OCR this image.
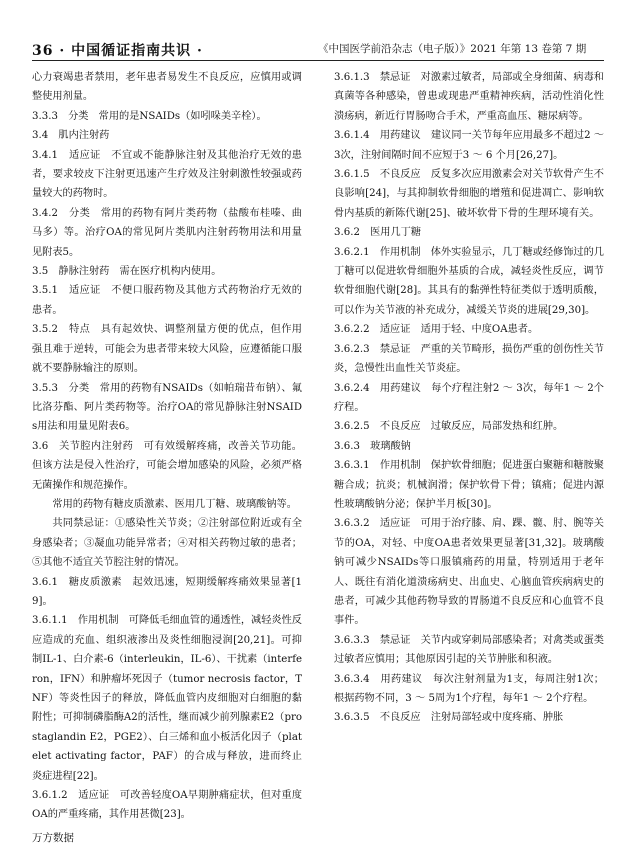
36 · 中国循证指南共识 ·	《中国医学前沿杂志（电子版）》2021 年第 13 卷第 7 期

心力衰竭患者禁用，老年患者易发生不良反应，应慎用或调整使用剂量。

3.3.3　分类　常用的是NSAIDs（如吲哚美辛栓）。

3.4　肌内注射药

3.4.1　适应证　不宜或不能静脉注射及其他治疗无效的患者，要求较皮下注射更迅速产生疗效及注射刺激性较强或药量较大的药物时。

3.4.2　分类　常用的药物有阿片类药物（盐酸布桂嗪、曲马多）等。治疗OA的常见阿片类肌内注射药物用法和用量见附表5。

3.5　静脉注射药　需在医疗机构内使用。

3.5.1　适应证　不便口服药物及其他方式药物治疗无效的患者。

3.5.2　特点　具有起效快、调整剂量方便的优点，但作用强且难于逆转，可能会为患者带来较大风险，应遵循能口服就不要静脉输注的原则。

3.5.3　分类　常用的药物有NSAIDs（如帕瑞昔布钠）、氟比洛芬酯、阿片类药物等。治疗OA的常见静脉注射NSAIDs用法和用量见附表6。

3.6　关节腔内注射药　可有效缓解疼痛，改善关节功能。但该方法是侵入性治疗，可能会增加感染的风险，必须严格无菌操作和规范操作。

常用的药物有糖皮质激素、医用几丁糖、玻璃酸钠等。

共同禁忌证：①感染性关节炎；②注射部位附近或有全身感染者；③凝血功能异常者；④对相关药物过敏的患者；⑤其他不适宜关节腔注射的情况。

3.6.1　糖皮质激素　起效迅速，短期缓解疼痛效果显著[19]。

3.6.1.1　作用机制　可降低毛细血管的通透性，减轻炎性反应造成的充血、组织液渗出及炎性细胞浸润[20,21]。可抑制IL-1、白介素-6（interleukin，IL-6）、干扰素（interferon，IFN）和肿瘤坏死因子（tumor necrosis factor，TNF）等炎性因子的释放，降低血管内皮细胞对白细胞的黏附性；可抑制磷脂酶A2的活性，继而减少前列腺素E2（prostaglandin E2，PGE2）、白三烯和血小板活化因子（platelet activating factor，PAF）的合成与释放，进而终止炎症进程[22]。

3.6.1.2　适应证　可改善轻度OA早期肿痛症状，但对重度OA的严重疼痛，其作用甚微[23]。

3.6.1.3　禁忌证　对激素过敏者，局部或全身细菌、病毒和真菌等各种感染，曾患或现患严重精神疾病，活动性消化性溃疡病，新近行胃肠吻合手术，严重高血压、糖尿病等。

3.6.1.4　用药建议　建议同一关节每年应用最多不超过2 ～ 3次，注射间隔时间不应短于3 ～ 6 个月[26,27]。

3.6.1.5　不良反应　反复多次应用激素会对关节软骨产生不良影响[24]，与其抑制软骨细胞的增殖和促进凋亡、影响软骨内基质的新陈代谢[25]、破坏软骨下骨的生理环境有关。

3.6.2　医用几丁糖

3.6.2.1　作用机制　体外实验显示，几丁糖或经修饰过的几丁糖可以促进软骨细胞外基质的合成，减轻炎性反应，调节软骨细胞代谢[28]。其具有的黏弹性特征类似于透明质酸，可以作为关节液的补充成分，减缓关节炎的进展[29,30]。

3.6.2.2　适应证　适用于轻、中度OA患者。

3.6.2.3　禁忌证　严重的关节畸形，损伤严重的创伤性关节炎，急慢性出血性关节炎症。

3.6.2.4　用药建议　每个疗程注射2 ～ 3次，每年1 ～ 2个疗程。

3.6.2.5　不良反应　过敏反应，局部发热和红肿。

3.6.3　玻璃酸钠

3.6.3.1　作用机制　保护软骨细胞；促进蛋白聚糖和糖胺聚糖合成；抗炎；机械润滑；保护软骨下骨；镇痛；促进内源性玻璃酸钠分泌；保护半月板[30]。

3.6.3.2　适应证　可用于治疗膝、肩、踝、髋、肘、腕等关节的OA，对轻、中度OA患者效果更显著[31,32]。玻璃酸钠可减少NSAIDs等口服镇痛药的用量，特别适用于老年人、既往有消化道溃疡病史、出血史、心脑血管疾病病史的患者，可减少其他药物导致的胃肠道不良反应和心血管不良事件。

3.6.3.3　禁忌证　关节内或穿刺局部感染者；对禽类或蛋类过敏者应慎用；其他原因引起的关节肿胀和积液。

3.6.3.4　用药建议　每次注射剂量为1支，每周注射1次；根据药物不同，3 ～ 5周为1个疗程，每年1 ～ 2个疗程。

3.6.3.5　不良反应　注射局部轻或中度疼痛、肿胀

万方数据
